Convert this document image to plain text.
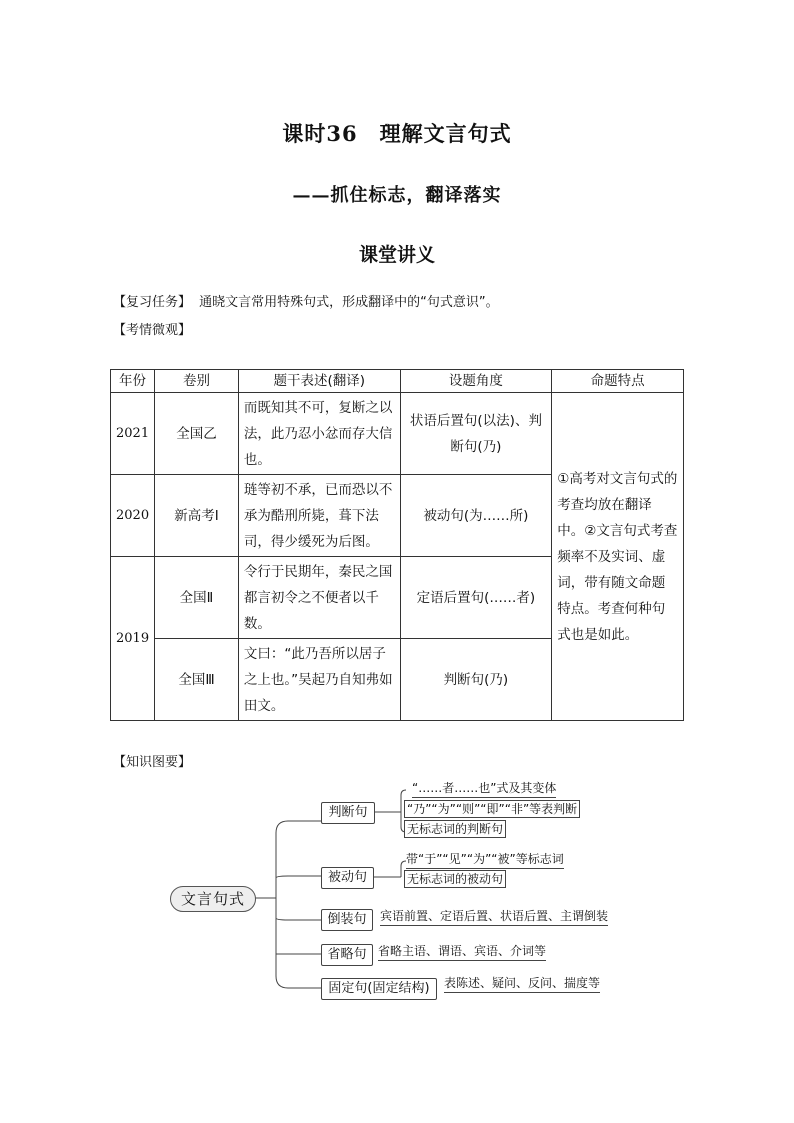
课时36　理解文言句式
——抓住标志，翻译落实
课堂讲义
【复习任务】 通晓文言常用特殊句式，形成翻译中的“句式意识”。
【考情微观】
年份	卷别	题干表述(翻译)	设题角度	命题特点
2021	全国乙	而既知其不可，复断之以法，此乃忍小忿而存大信也。	状语后置句(以法)、判断句(乃)	①高考对文言句式的考查均放在翻译中。②文言句式考查频率不及实词、虚词，带有随文命题特点。考查何种句式也是如此。
2020	新高考Ⅰ	琏等初不承，已而恐以不承为酷刑所毙，葺下法司，得少缓死为后图。	被动句(为……所)	
2019	全国Ⅱ	令行于民期年，秦民之国都言初令之不便者以千数。	定语后置句(……者)	
	全国Ⅲ	文曰：“此乃吾所以居子之上也。”吴起乃自知弗如田文。	判断句(乃)	
【知识图要】
文言句式
判断句
被动句
倒装句
省略句
固定句(固定结构)
“……者……也”式及其变体
“乃”“为”“则”“即”“非”等表判断
无标志词的判断句
带“于”“见”“为”“被”等标志词
无标志词的被动句
宾语前置、定语后置、状语后置、主谓倒装
省略主语、谓语、宾语、介词等
表陈述、疑问、反问、揣度等
